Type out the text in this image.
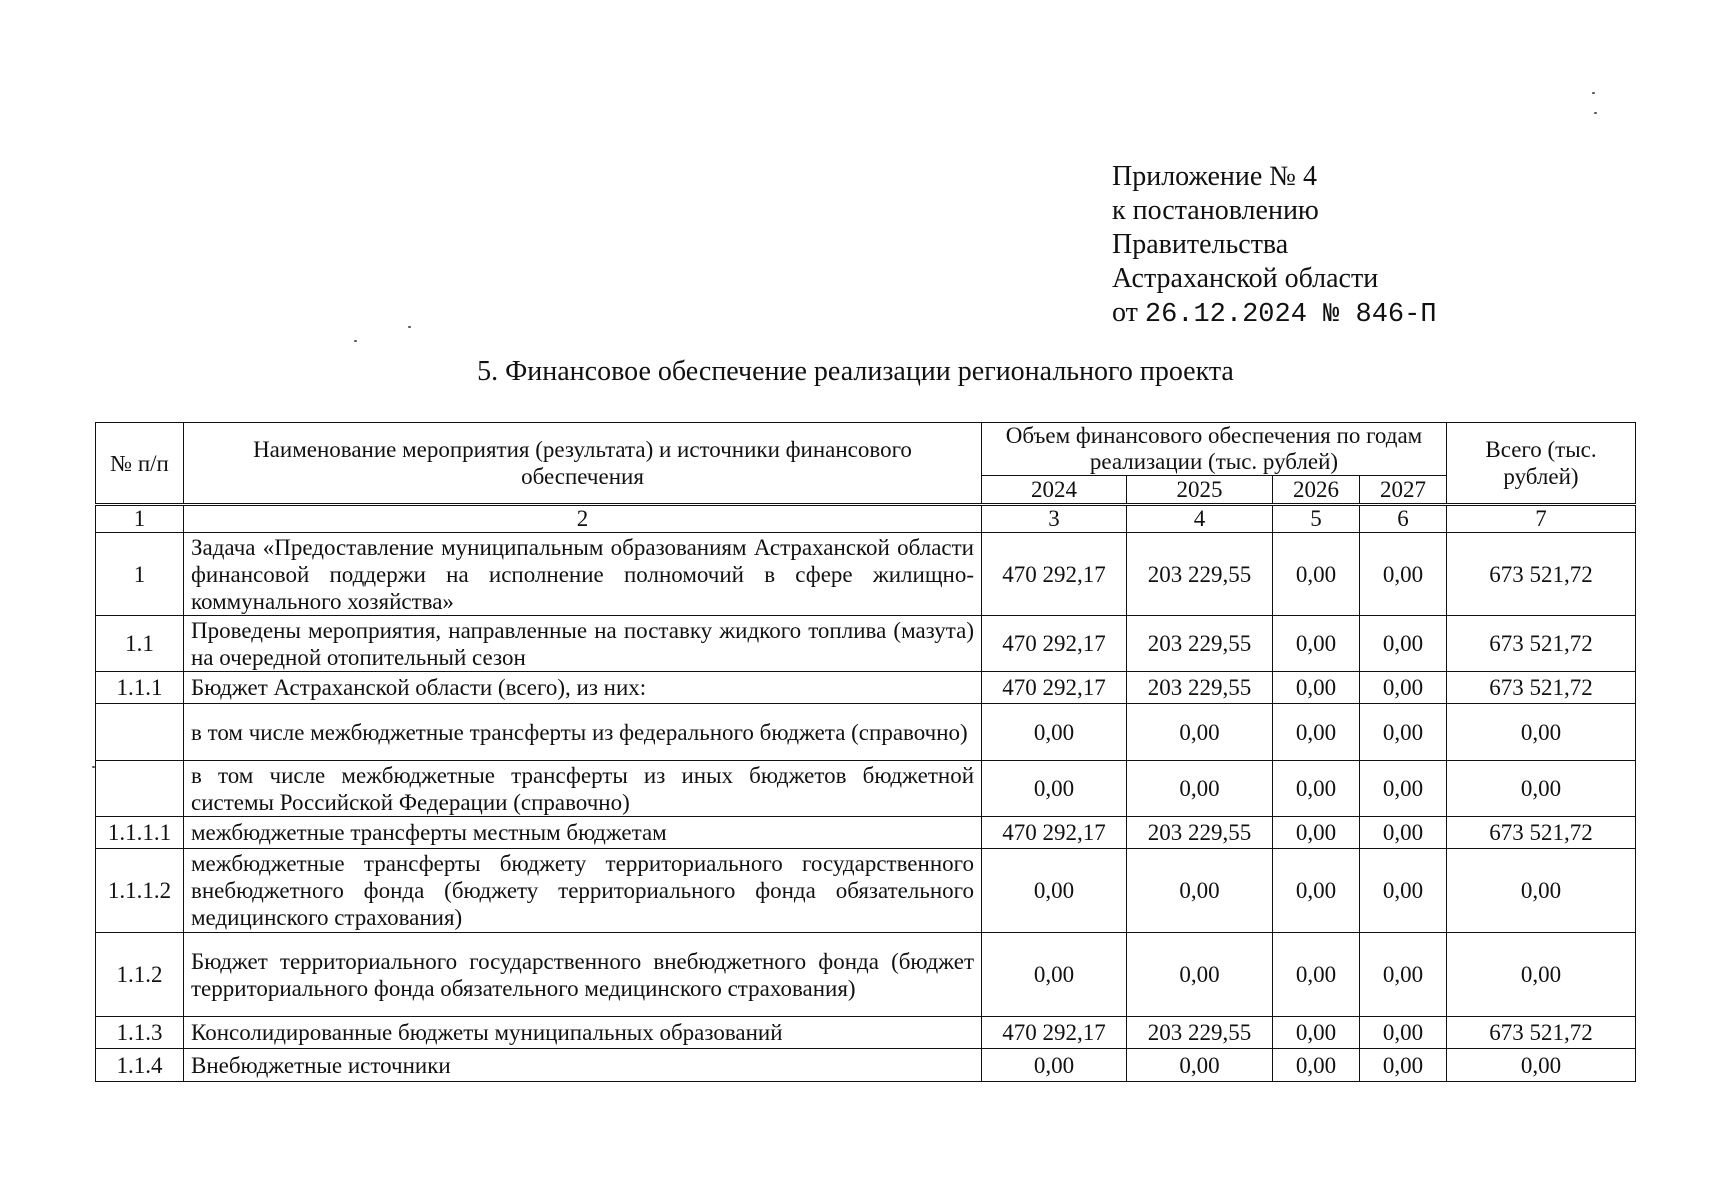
Приложение № 4
к постановлению
Правительства
Астраханской области
от 26.12.2024 № 846-П
5. Финансовое обеспечение реализации регионального проекта
№ п/п	Наименование мероприятия (результата) и источники финансового обеспечения	Объем финансового обеспечения по годам реализации (тыс. рублей)				Всего (тыс. рублей)
		2024	2025	2026	2027	
1	2	3	4	5	6	7
1	Задача «Предоставление муниципальным образованиям Астраханской области финансовой поддержи на исполнение полномочий в сфере жилищно-коммунального хозяйства»	470 292,17	203 229,55	0,00	0,00	673 521,72
1.1	Проведены мероприятия, направленные на поставку жидкого топлива (мазута) на очередной отопительный сезон	470 292,17	203 229,55	0,00	0,00	673 521,72
1.1.1	Бюджет Астраханской области (всего), из них:	470 292,17	203 229,55	0,00	0,00	673 521,72
	в том числе межбюджетные трансферты из федерального бюджета (справочно)	0,00	0,00	0,00	0,00	0,00
	в том числе межбюджетные трансферты из иных бюджетов бюджетной системы Российской Федерации (справочно)	0,00	0,00	0,00	0,00	0,00
1.1.1.1	межбюджетные трансферты местным бюджетам	470 292,17	203 229,55	0,00	0,00	673 521,72
1.1.1.2	межбюджетные трансферты бюджету территориального государственного внебюджетного фонда (бюджету территориального фонда обязательного медицинского страхования)	0,00	0,00	0,00	0,00	0,00
1.1.2	Бюджет территориального государственного внебюджетного фонда (бюджет территориального фонда обязательного медицинского страхования)	0,00	0,00	0,00	0,00	0,00
1.1.3	Консолидированные бюджеты муниципальных образований	470 292,17	203 229,55	0,00	0,00	673 521,72
1.1.4	Внебюджетные источники	0,00	0,00	0,00	0,00	0,00
